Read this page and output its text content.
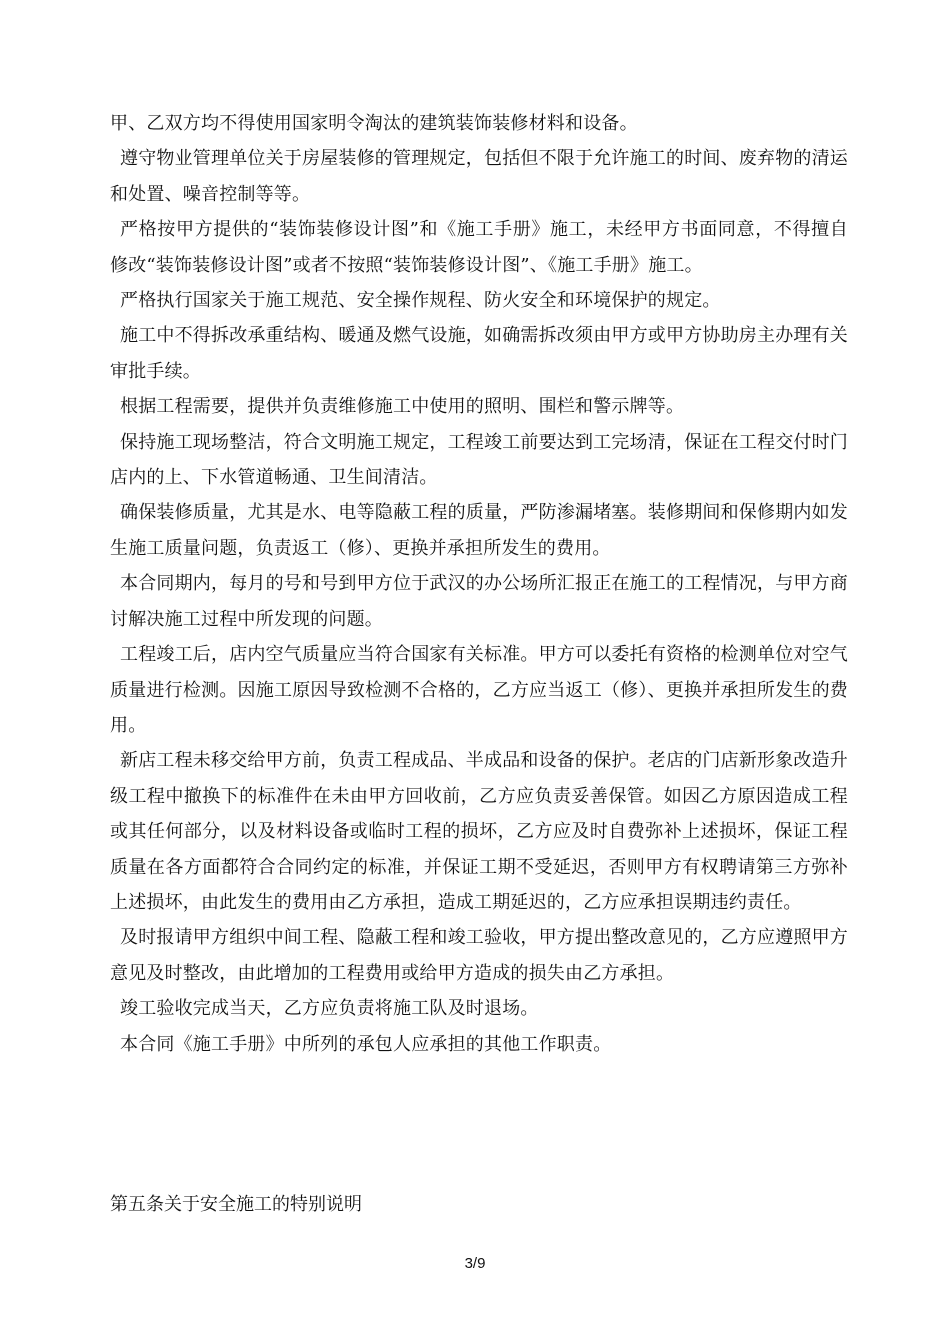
甲、乙双方均不得使用国家明令淘汰的建筑装饰装修材料和设备。

遵守物业管理单位关于房屋装修的管理规定，包括但不限于允许施工的时间、废弃物的清运和处置、噪音控制等等。

严格按甲方提供的“装饰装修设计图”和《施工手册》施工，未经甲方书面同意，不得擅自修改“装饰装修设计图”或者不按照“装饰装修设计图”、《施工手册》施工。

严格执行国家关于施工规范、安全操作规程、防火安全和环境保护的规定。

施工中不得拆改承重结构、暖通及燃气设施，如确需拆改须由甲方或甲方协助房主办理有关审批手续。

根据工程需要，提供并负责维修施工中使用的照明、围栏和警示牌等。

保持施工现场整洁，符合文明施工规定，工程竣工前要达到工完场清，保证在工程交付时门店内的上、下水管道畅通、卫生间清洁。

确保装修质量，尤其是水、电等隐蔽工程的质量，严防渗漏堵塞。装修期间和保修期内如发生施工质量问题，负责返工（修）、更换并承担所发生的费用。

本合同期内，每月的号和号到甲方位于武汉的办公场所汇报正在施工的工程情况，与甲方商讨解决施工过程中所发现的问题。

工程竣工后，店内空气质量应当符合国家有关标准。甲方可以委托有资格的检测单位对空气质量进行检测。因施工原因导致检测不合格的，乙方应当返工（修）、更换并承担所发生的费用。

新店工程未移交给甲方前，负责工程成品、半成品和设备的保护。老店的门店新形象改造升级工程中撤换下的标准件在未由甲方回收前，乙方应负责妥善保管。如因乙方原因造成工程或其任何部分，以及材料设备或临时工程的损坏，乙方应及时自费弥补上述损坏，保证工程质量在各方面都符合合同约定的标准，并保证工期不受延迟，否则甲方有权聘请第三方弥补上述损坏，由此发生的费用由乙方承担，造成工期延迟的，乙方应承担误期违约责任。

及时报请甲方组织中间工程、隐蔽工程和竣工验收，甲方提出整改意见的，乙方应遵照甲方意见及时整改，由此增加的工程费用或给甲方造成的损失由乙方承担。

竣工验收完成当天，乙方应负责将施工队及时退场。

本合同《施工手册》中所列的承包人应承担的其他工作职责。

第五条关于安全施工的特别说明
3/9
